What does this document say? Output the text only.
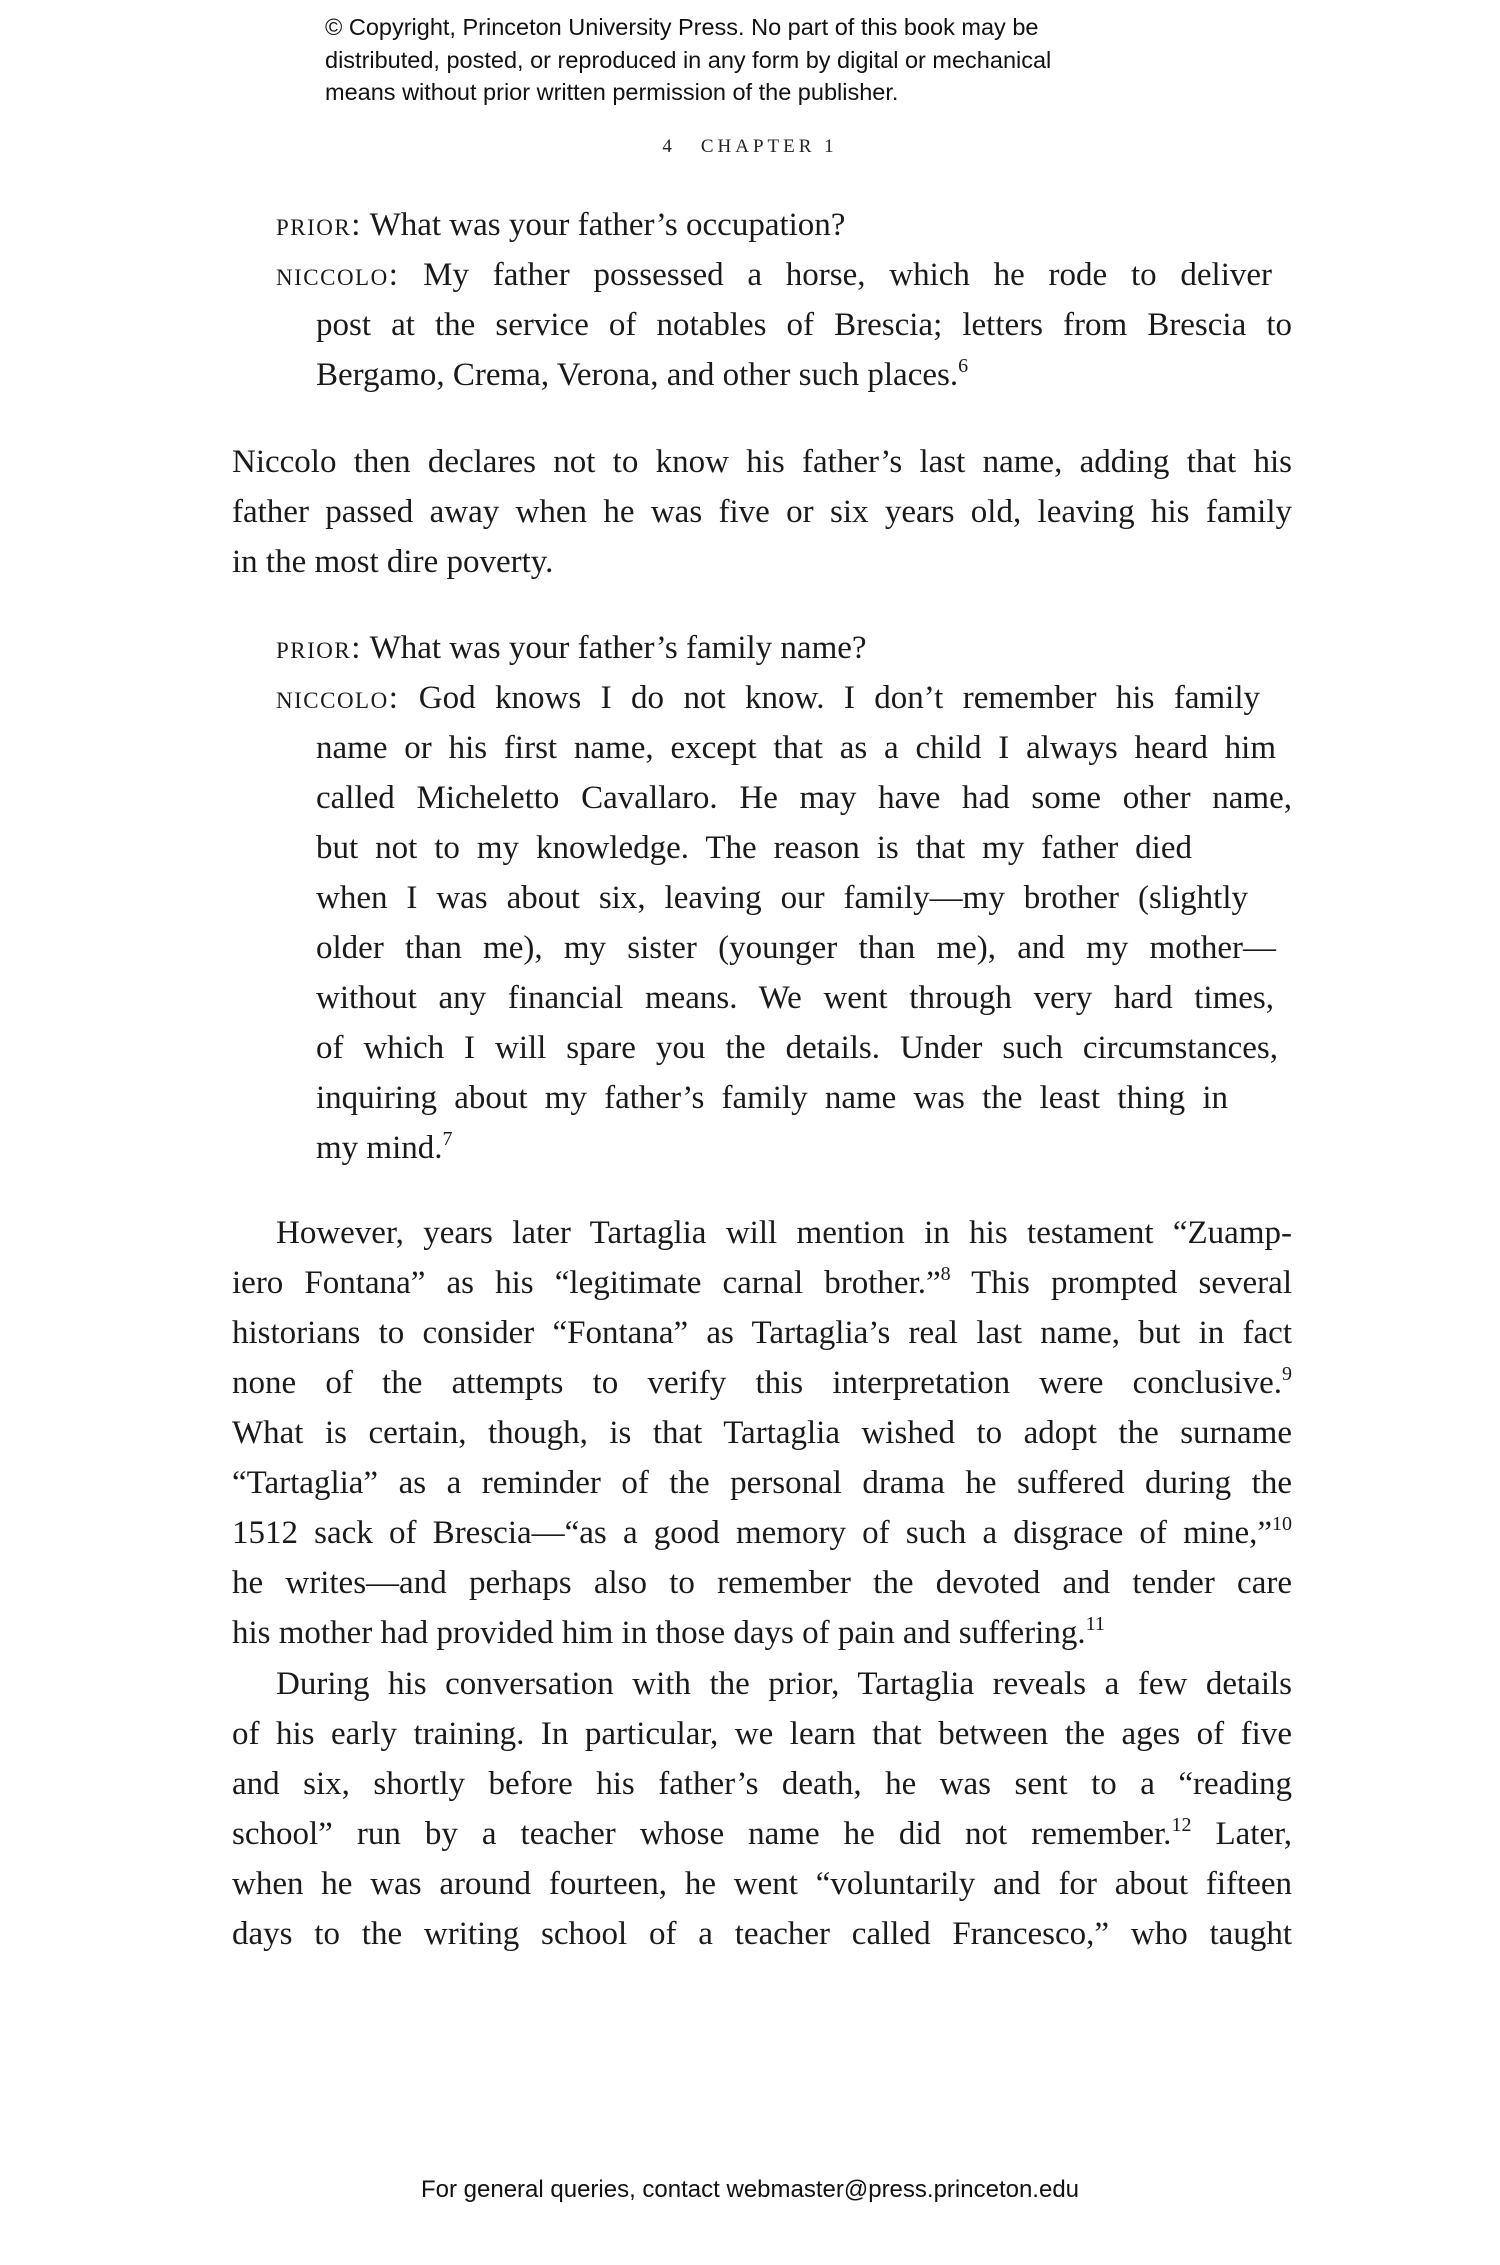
© Copyright, Princeton University Press. No part of this book may be
distributed, posted, or reproduced in any form by digital or mechanical
means without prior written permission of the publisher.
4 CHAPTER 1
prior: What was your father’s occupation?
niccolo: My father possessed a horse, which he rode to deliver
post at the service of notables of Brescia; letters from Brescia to
Bergamo, Crema, Verona, and other such places.$^6$
Niccolo then declares not to know his father’s last name, adding that his
father passed away when he was five or six years old, leaving his family
in the most dire poverty.
prior: What was your father’s family name?
niccolo: God knows I do not know. I don’t remember his family
name or his first name, except that as a child I always heard him
called Micheletto Cavallaro. He may have had some other name,
but not to my knowledge. The reason is that my father died
when I was about six, leaving our family—my brother (slightly
older than me), my sister (younger than me), and my mother—
without any financial means. We went through very hard times,
of which I will spare you the details. Under such circumstances,
inquiring about my father’s family name was the least thing in
my mind.$^7$
However, years later Tartaglia will mention in his testament “Zuamp-
iero Fontana” as his “legitimate carnal brother.”$^8$ This prompted several
historians to consider “Fontana” as Tartaglia’s real last name, but in fact
none of the attempts to verify this interpretation were conclusive.$^9$
What is certain, though, is that Tartaglia wished to adopt the surname
“Tartaglia” as a reminder of the personal drama he suffered during the
1512 sack of Brescia—“as a good memory of such a disgrace of mine,”$^{10}$
he writes—and perhaps also to remember the devoted and tender care
his mother had provided him in those days of pain and suffering.$^{11}$
During his conversation with the prior, Tartaglia reveals a few details
of his early training. In particular, we learn that between the ages of five
and six, shortly before his father’s death, he was sent to a “reading
school” run by a teacher whose name he did not remember.$^{12}$ Later,
when he was around fourteen, he went “voluntarily and for about fifteen
days to the writing school of a teacher called Francesco,” who taught
For general queries, contact webmaster@press.princeton.edu
